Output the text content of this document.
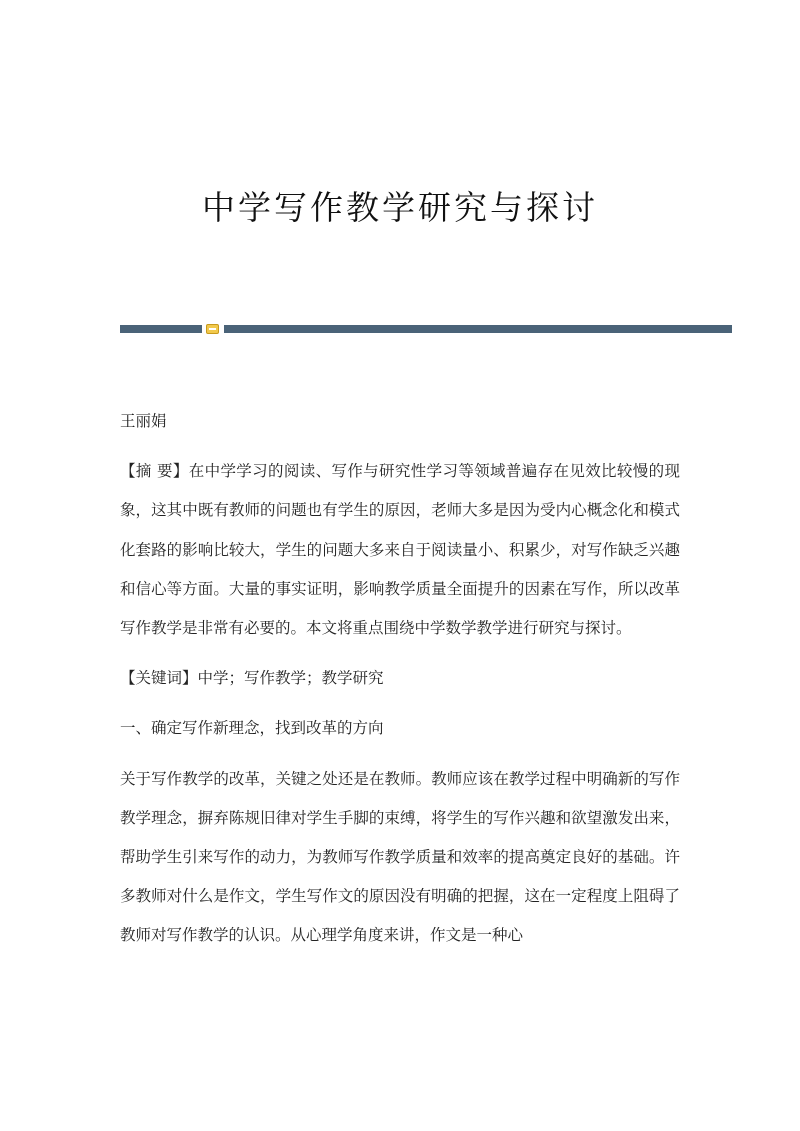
中学写作教学研究与探讨

王丽娟

【摘 要】在中学学习的阅读、写作与研究性学习等领域普遍存在见效比较慢的现象，这其中既有教师的问题也有学生的原因，老师大多是因为受内心概念化和模式化套路的影响比较大，学生的问题大多来自于阅读量小、积累少，对写作缺乏兴趣和信心等方面。大量的事实证明，影响教学质量全面提升的因素在写作，所以改革写作教学是非常有必要的。本文将重点围绕中学数学教学进行研究与探讨。

【关键词】中学；写作教学；教学研究

一、确定写作新理念，找到改革的方向

关于写作教学的改革，关键之处还是在教师。教师应该在教学过程中明确新的写作教学理念，摒弃陈规旧律对学生手脚的束缚，将学生的写作兴趣和欲望激发出来，帮助学生引来写作的动力，为教师写作教学质量和效率的提高奠定良好的基础。许多教师对什么是作文，学生写作文的原因没有明确的把握，这在一定程度上阻碍了教师对写作教学的认识。从心理学角度来讲，作文是一种心
